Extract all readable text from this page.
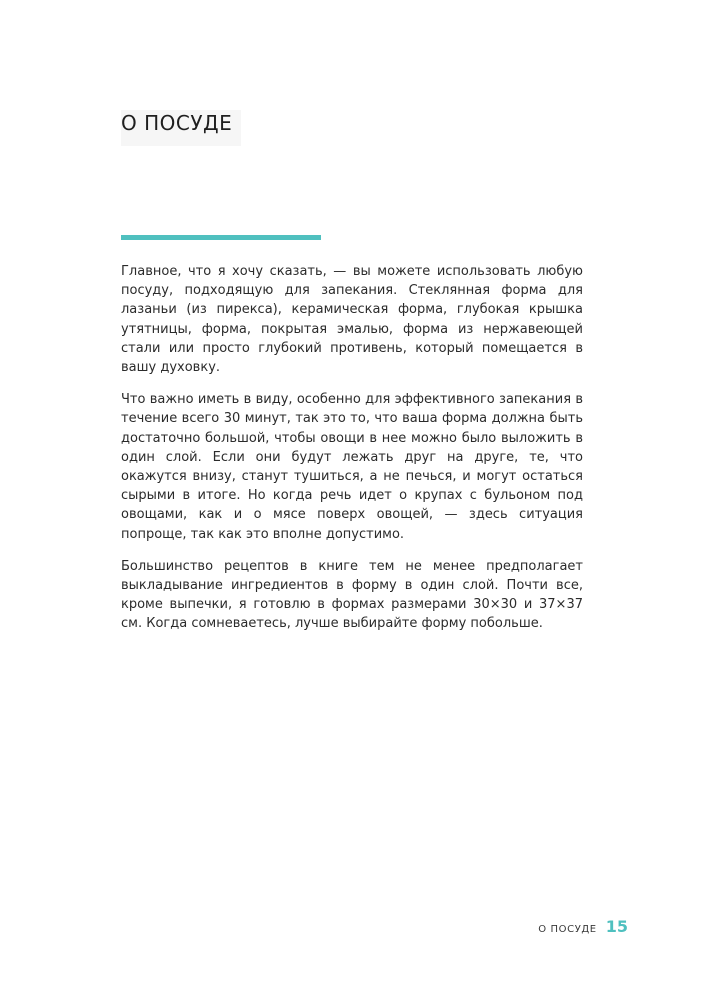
О ПОСУДЕ

Главное, что я хочу сказать, — вы можете использовать любую посуду, подходящую для запекания. Стеклянная форма для лазаньи (из пирекса), керамическая форма, глубокая крышка утятницы, форма, покрытая эмалью, форма из нержавеющей стали или просто глубокий противень, который помещается в вашу духовку.

Что важно иметь в виду, особенно для эффективного запекания в течение всего 30 минут, так это то, что ваша форма должна быть достаточно большой, чтобы овощи в нее можно было выложить в один слой. Если они будут лежать друг на друге, те, что окажутся внизу, станут тушиться, а не печься, и могут остаться сырыми в итоге. Но когда речь идет о крупах с бульоном под овощами, как и о мясе поверх овощей, — здесь ситуация попроще, так как это вполне допустимо.

Большинство рецептов в книге тем не менее предполагает выкладывание ингредиентов в форму в один слой. Почти все, кроме выпечки, я готовлю в формах размерами 30×30 и 37×37 см. Когда сомневаетесь, лучше выбирайте форму побольше.

О ПОСУДЕ 15
